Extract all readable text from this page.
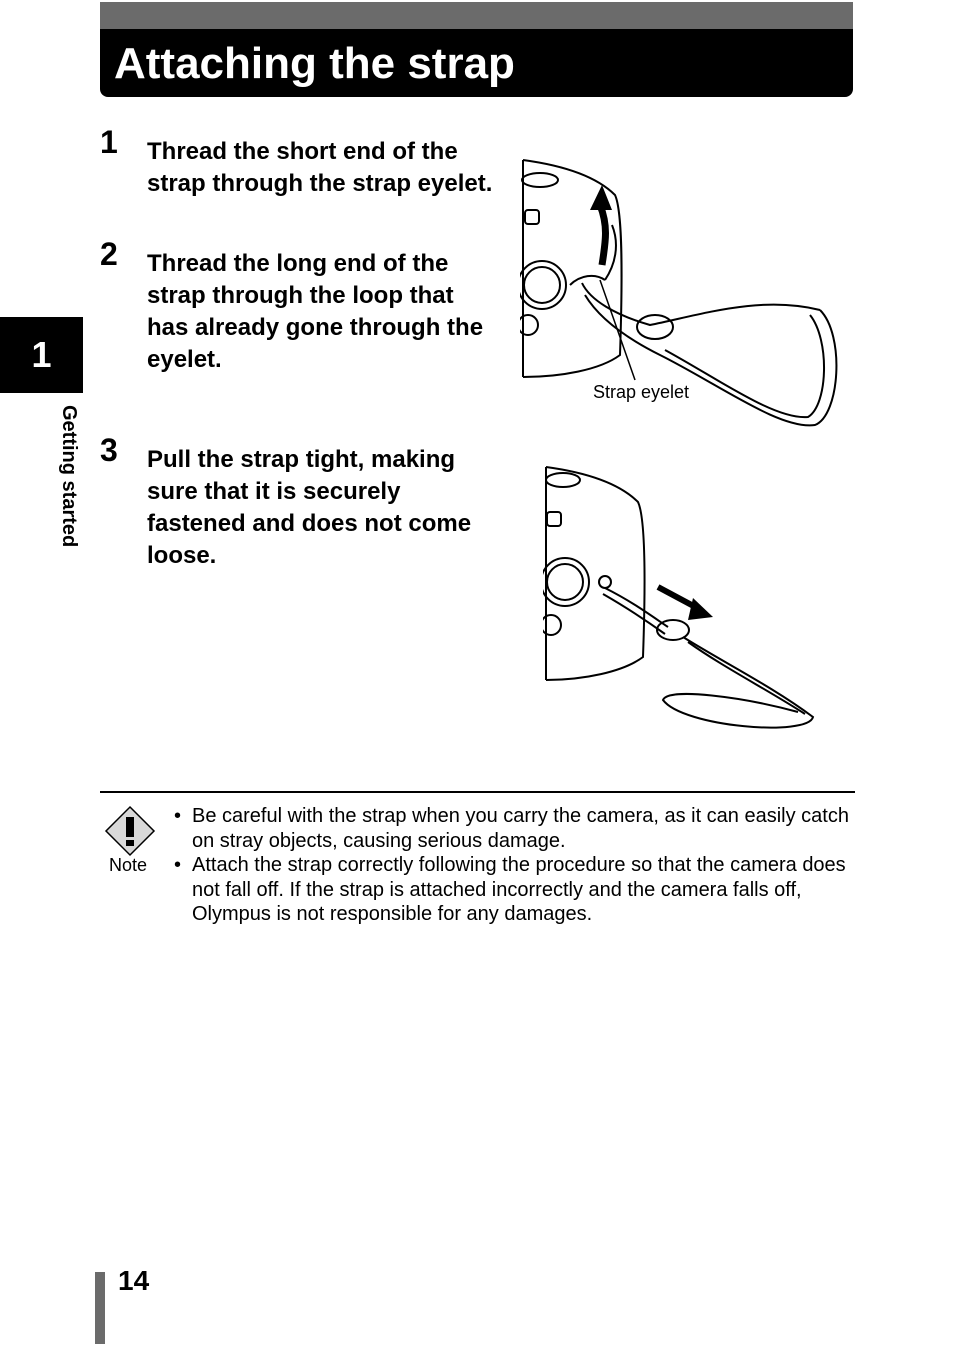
Attaching the strap
1
Getting started
1 Thread the short end of the strap through the strap eyelet.
2 Thread the long end of the strap through the loop that has already gone through the eyelet.
3 Pull the strap tight, making sure that it is securely fastened and does not come loose.
Strap eyelet
Note
• Be careful with the strap when you carry the camera, as it can easily catch on stray objects, causing serious damage.
• Attach the strap correctly following the procedure so that the camera does not fall off. If the strap is attached incorrectly and the camera falls off, Olympus is not responsible for any damages.
14
